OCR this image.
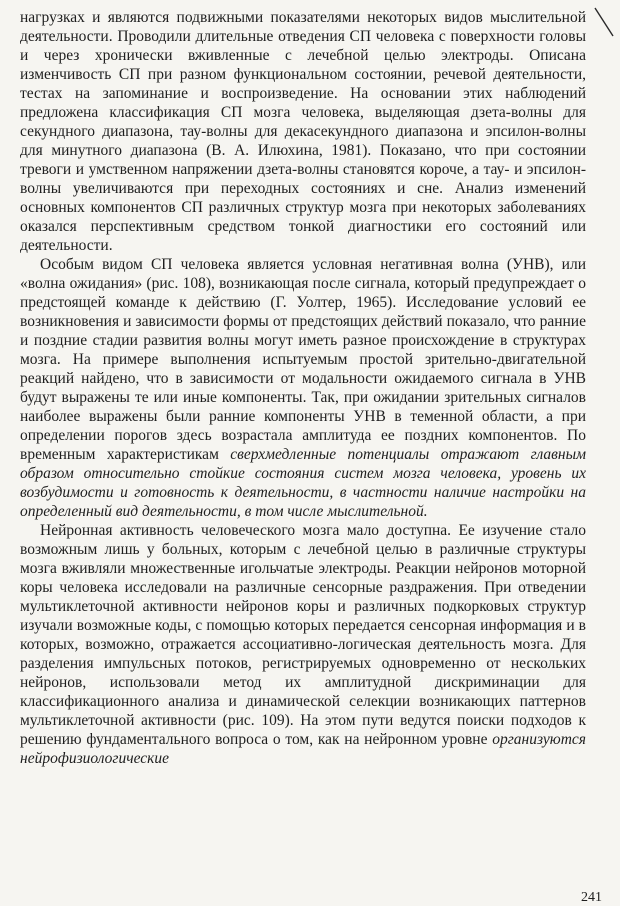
нагрузках и являются подвижными показателями некоторых видов мыслительной деятельности. Проводили длительные отведения СП человека с поверхности головы и через хронически вживленные с лечебной целью электроды. Описана изменчивость СП при разном функциональном состоянии, речевой деятельности, тестах на запоминание и воспроизведение. На основании этих наблюдений предложена классификация СП мозга человека, выделяющая дзета-волны для секундного диапазона, тау-волны для декасекундного диапазона и эпсилон-волны для минутного диапазона (В. А. Илюхина, 1981). Показано, что при состоянии тревоги и умственном напряжении дзета-волны становятся короче, а тау- и эпсилон-волны увеличиваются при переходных состояниях и сне. Анализ изменений основных компонентов СП различных структур мозга при некоторых заболеваниях оказался перспективным средством тонкой диагностики его состояний или деятельности.

Особым видом СП человека является условная негативная волна (УНВ), или «волна ожидания» (рис. 108), возникающая после сигнала, который предупреждает о предстоящей команде к действию (Г. Уолтер, 1965). Исследование условий ее возникновения и зависимости формы от предстоящих действий показало, что ранние и поздние стадии развития волны могут иметь разное происхождение в структурах мозга. На примере выполнения испытуемым простой зрительно-двигательной реакций найдено, что в зависимости от модальности ожидаемого сигнала в УНВ будут выражены те или иные компоненты. Так, при ожидании зрительных сигналов наиболее выражены были ранние компоненты УНВ в теменной области, а при определении порогов здесь возрастала амплитуда ее поздних компонентов. По временным характеристикам сверхмедленные потенциалы отражают главным образом относительно стойкие состояния систем мозга человека, уровень их возбудимости и готовность к деятельности, в частности наличие настройки на определенный вид деятельности, в том числе мыслительной.

Нейронная активность человеческого мозга мало доступна. Ее изучение стало возможным лишь у больных, которым с лечебной целью в различные структуры мозга вживляли множественные игольчатые электроды. Реакции нейронов моторной коры человека исследовали на различные сенсорные раздражения. При отведении мультиклеточной активности нейронов коры и различных подкорковых структур изучали возможные коды, с помощью которых передается сенсорная информация и в которых, возможно, отражается ассоциативно-логическая деятельность мозга. Для разделения импульсных потоков, регистрируемых одновременно от нескольких нейронов, использовали метод их амплитудной дискриминации для классификационного анализа и динамической селекции возникающих паттернов мультиклеточной активности (рис. 109). На этом пути ведутся поиски подходов к решению фундаментального вопроса о том, как на нейронном уровне организуются нейрофизиологические

241
